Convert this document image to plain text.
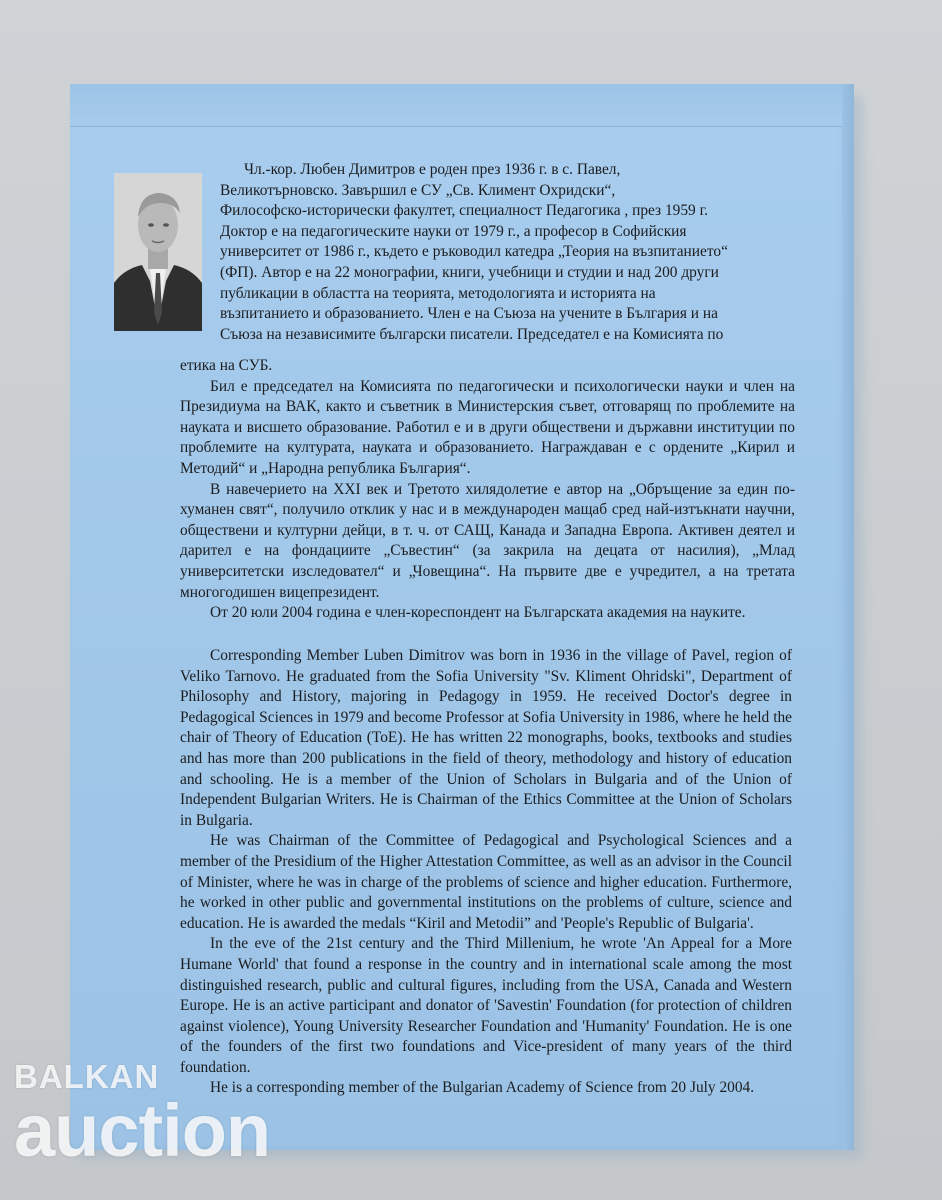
Чл.-кор. Любен Димитров е роден през 1936 г. в с. Павел,

Великотърновско. Завършил е СУ „Св. Климент Охридски“,

Философско-исторически факултет, специалност Педагогика , през 1959 г.

Доктор е на педагогическите науки от 1979 г., а професор в Софийския

университет от 1986 г., където е ръководил катедра „Теория на възпитанието“

(ФП). Автор е на 22 монографии, книги, учебници и студии и над 200 други

публикации в областта на теорията, методологията и историята на

възпитанието и образованието. Член е на Съюза на учените в България и на

Съюза на независимите български писатели. Председател е на Комисията по

етика на СУБ.

Бил е председател на Комисията по педагогически и психологически науки и член на Президиума на ВАК, както и съветник в Министерския съвет, отговарящ по проблемите на науката и висшето образование. Работил е и в други обществени и държавни институции по проблемите на културата, науката и образованието. Награждаван е с ордените „Кирил и Методий“ и „Народна република България“.

В навечерието на XXI век и Третото хилядолетие е автор на „Обръщение за един по-хуманен свят“, получило отклик у нас и в международен мащаб сред най-изтъкнати научни, обществени и културни дейци, в т. ч. от САЩ, Канада и Западна Европа. Активен деятел и дарител е на фондациите „Съвестин“ (за закрила на децата от насилия), „Млад университетски изследовател“ и „Човещина“. На първите две е учредител, а на третата многогодишен вицепрезидент.

От 20 юли 2004 година е член-кореспондент на Българската академия на науките.

Corresponding Member Luben Dimitrov was born in 1936 in the village of Pavel, region of Veliko Tarnovo. He graduated from the Sofia University "Sv. Kliment Ohridski", Department of Philosophy and History, majoring in Pedagogy in 1959. He received Doctor's degree in Pedagogical Sciences in 1979 and become Professor at Sofia University in 1986, where he held the chair of Theory of Education (ToE). He has written 22 monographs, books, textbooks and studies and has more than 200 publications in the field of theory, methodology and history of education and schooling. He is a member of the Union of Scholars in Bulgaria and of the Union of Independent Bulgarian Writers. He is Chairman of the Ethics Committee at the Union of Scholars in Bulgaria.

He was Chairman of the Committee of Pedagogical and Psychological Sciences and a member of the Presidium of the Higher Attestation Committee, as well as an advisor in the Council of Minister, where he was in charge of the problems of science and higher education. Furthermore, he worked in other public and governmental institutions on the problems of culture, science and education. He is awarded the medals “Kiril and Metodii” and 'People's Republic of Bulgaria'.

In the eve of the 21st century and the Third Millenium, he wrote 'An Appeal for a More Humane World' that found a response in the country and in international scale among the most distinguished research, public and cultural figures, including from the USA, Canada and Western Europe. He is an active participant and donator of 'Savestin' Foundation (for protection of children against violence), Young University Researcher Foundation and 'Humanity' Foundation. He is one of the founders of the first two foundations and Vice-president of many years of the third foundation.

He is a corresponding member of the Bulgarian Academy of Science from 20 July 2004.

BALKAN
auction
